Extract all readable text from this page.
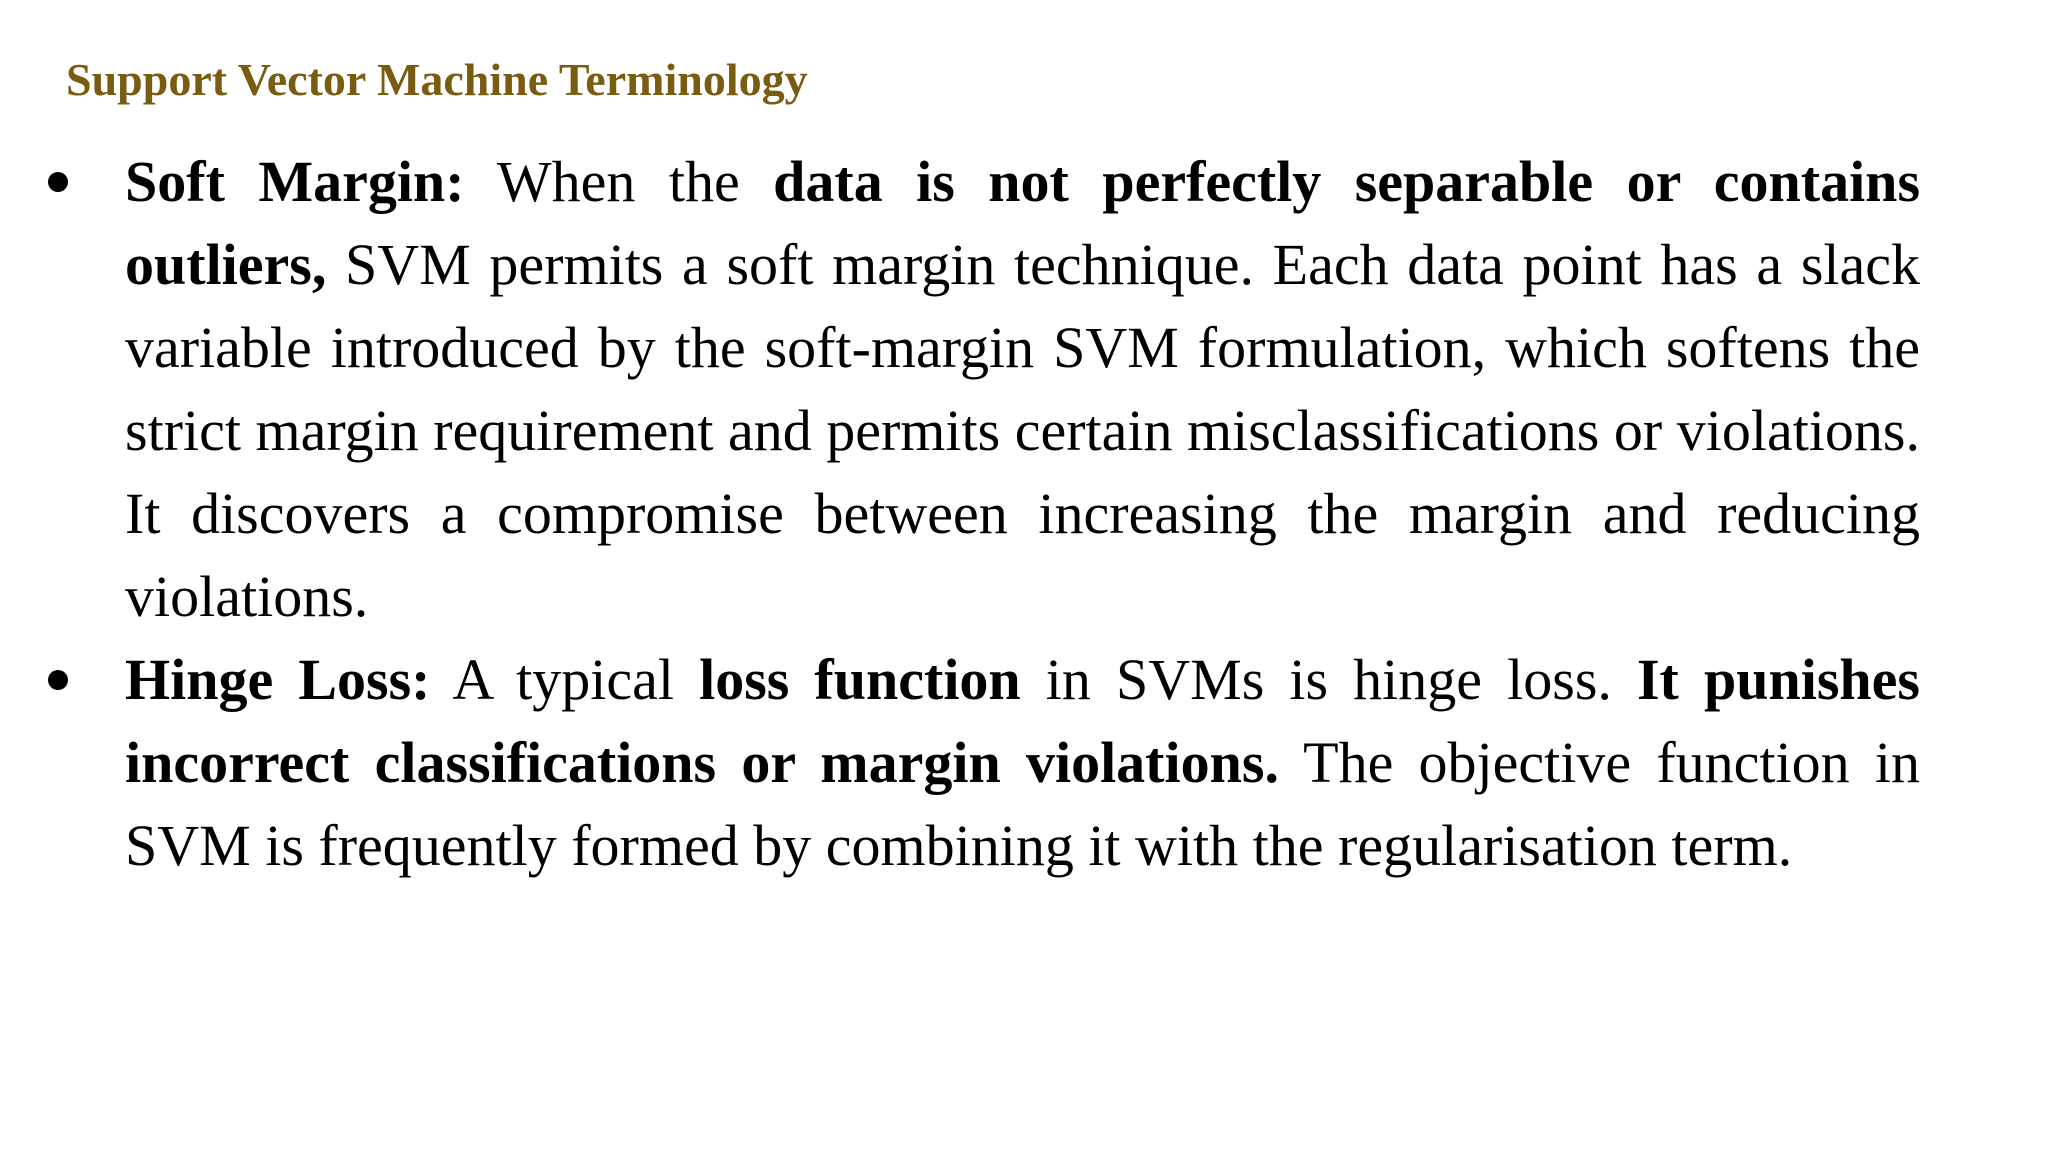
Support Vector Machine Terminology
Soft Margin: When the data is not perfectly separable or contains outliers, SVM permits a soft margin technique. Each data point has a slack variable introduced by the soft-margin SVM formulation, which softens the strict margin requirement and permits certain misclassifications or violations. It discovers a compromise between increasing the margin and reducing violations.
Hinge Loss: A typical loss function in SVMs is hinge loss. It punishes incorrect classifications or margin violations. The objective function in SVM is frequently formed by combining it with the regularisation term.
